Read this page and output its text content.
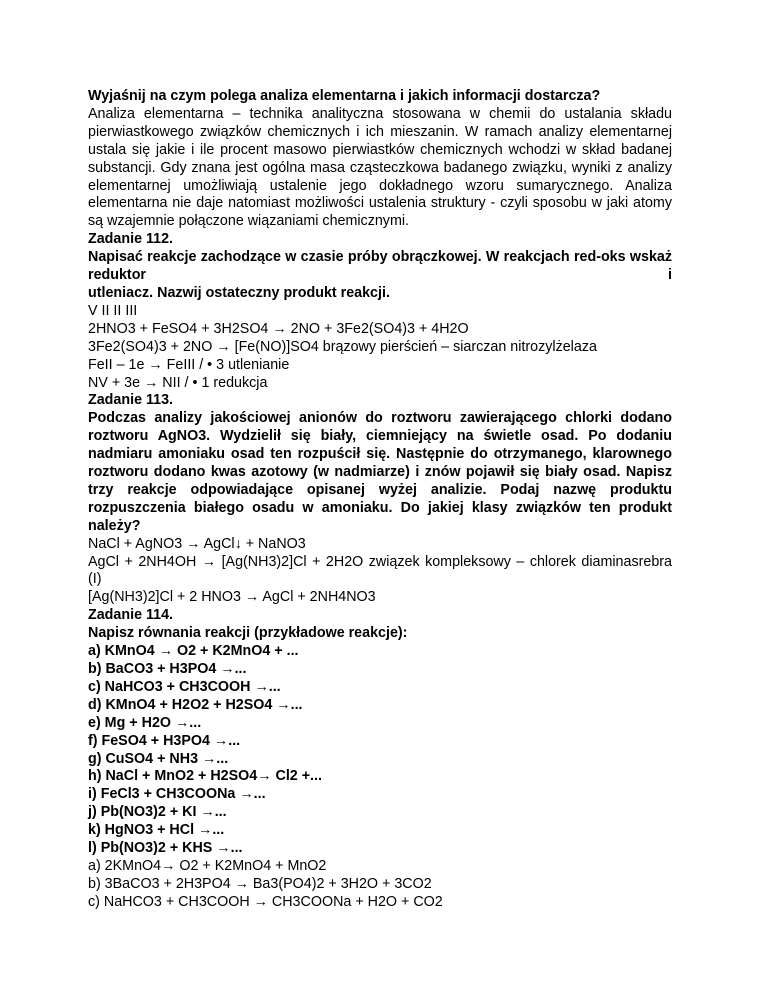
Wyjaśnij na czym polega analiza elementarna i jakich informacji dostarcza?

Analiza elementarna – technika analityczna stosowana w chemii do ustalania składu pierwiastkowego związków chemicznych i ich mieszanin. W ramach analizy elementarnej ustala się jakie i ile procent masowo pierwiastków chemicznych wchodzi w skład badanej substancji. Gdy znana jest ogólna masa cząsteczkowa badanego związku, wyniki z analizy elementarnej umożliwiają ustalenie jego dokładnego wzoru sumarycznego. Analiza elementarna nie daje natomiast możliwości ustalenia struktury - czyli sposobu w jaki atomy są wzajemnie połączone wiązaniami chemicznymi.

Zadanie 112.

Napisać reakcje zachodzące w czasie próby obrączkowej. W reakcjach red-oks wskaż reduktor i

utleniacz. Nazwij ostateczny produkt reakcji.

V II II III

2HNO3 + FeSO4 + 3H2SO4 → 2NO + 3Fe2(SO4)3 + 4H2O

3Fe2(SO4)3 + 2NO → [Fe(NO)]SO4 brązowy pierścień – siarczan nitrozylżelaza

FeII – 1e → FeIII / • 3 utlenianie

NV + 3e → NII / • 1 redukcja

Zadanie 113.

Podczas analizy jakościowej anionów do roztworu zawierającego chlorki dodano roztworu AgNO3. Wydzielił się biały, ciemniejący na świetle osad. Po dodaniu nadmiaru amoniaku osad ten rozpuścił się. Następnie do otrzymanego, klarownego roztworu dodano kwas azotowy (w nadmiarze) i znów pojawił się biały osad. Napisz trzy reakcje odpowiadające opisanej wyżej analizie. Podaj nazwę produktu rozpuszczenia białego osadu w amoniaku. Do jakiej klasy związków ten produkt należy?

NaCl + AgNO3 → AgCl↓ + NaNO3

AgCl + 2NH4OH → [Ag(NH3)2]Cl + 2H2O związek kompleksowy – chlorek diaminasrebra (I)

[Ag(NH3)2]Cl + 2 HNO3 → AgCl + 2NH4NO3

Zadanie 114.

Napisz równania reakcji (przykładowe reakcje):

a) KMnO4 → O2 + K2MnO4 + ...

b) BaCO3 + H3PO4 →...

c) NaHCO3 + CH3COOH →...

d) KMnO4 + H2O2 + H2SO4 →...

e) Mg + H2O →...

f) FeSO4 + H3PO4 →...

g) CuSO4 + NH3 →...

h) NaCl + MnO2 + H2SO4→ Cl2 +...

i) FeCl3 + CH3COONa →...

j) Pb(NO3)2 + KI →...

k) HgNO3 + HCl →...

l) Pb(NO3)2 + KHS →...

a) 2KMnO4→ O2 + K2MnO4 + MnO2

b) 3BaCO3 + 2H3PO4 → Ba3(PO4)2 + 3H2O + 3CO2

c) NaHCO3 + CH3COOH → CH3COONa + H2O + CO2
